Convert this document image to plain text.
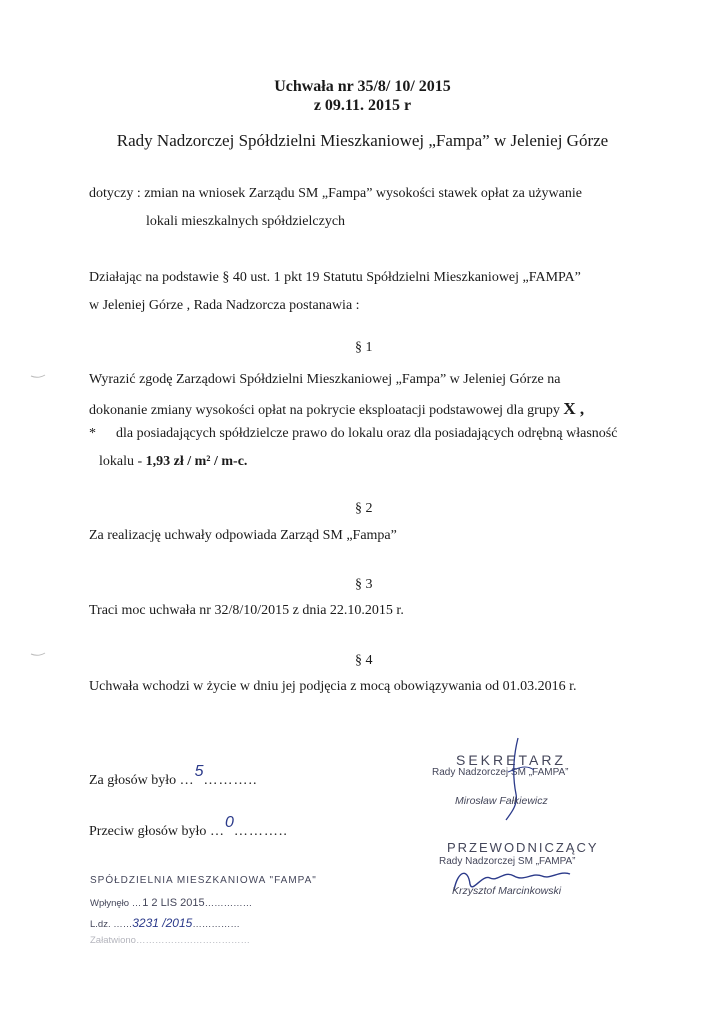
Uchwała nr 35/8/ 10/ 2015
z 09.11. 2015 r
Rady Nadzorczej Spółdzielni Mieszkaniowej „Fampa” w Jeleniej Górze
dotyczy : zmian na wniosek Zarządu SM „Fampa” wysokości stawek opłat za używanie
lokali mieszkalnych spółdzielczych
Działając na podstawie § 40 ust. 1 pkt 19 Statutu Spółdzielni Mieszkaniowej „FAMPA”
w Jeleniej Górze , Rada Nadzorcza postanawia :
§ 1
Wyrazić zgodę Zarządowi Spółdzielni Mieszkaniowej „Fampa” w Jeleniej Górze na
dokonanie zmiany wysokości opłat na pokrycie eksploatacji podstawowej dla grupy X ,
* dla posiadających spółdzielcze prawo do lokalu oraz dla posiadających odrębną własność
lokalu - 1,93 zł / m² / m-c.
§ 2
Za realizację uchwały odpowiada Zarząd SM „Fampa”
§ 3
Traci moc uchwała nr 32/8/10/2015 z dnia 22.10.2015 r.
§ 4
Uchwała wchodzi w życie w dniu jej podjęcia z mocą obowiązywania od 01.03.2016 r.
Za głosów było …5………..
Przeciw głosów było …0………..
SEKRETARZ
Rady Nadzorczej SM „FAMPA”
Mirosław Fałkiewicz
PRZEWODNICZĄCY
Rady Nadzorczej SM „FAMPA”
Krzysztof Marcinkowski
SPÓŁDZIELNIA MIESZKANIOWA "FAMPA"
Wpłynęło …1 2 LIS 2015……………
L.dz. ……3231 /2015……………
Załatwiono………………………………
